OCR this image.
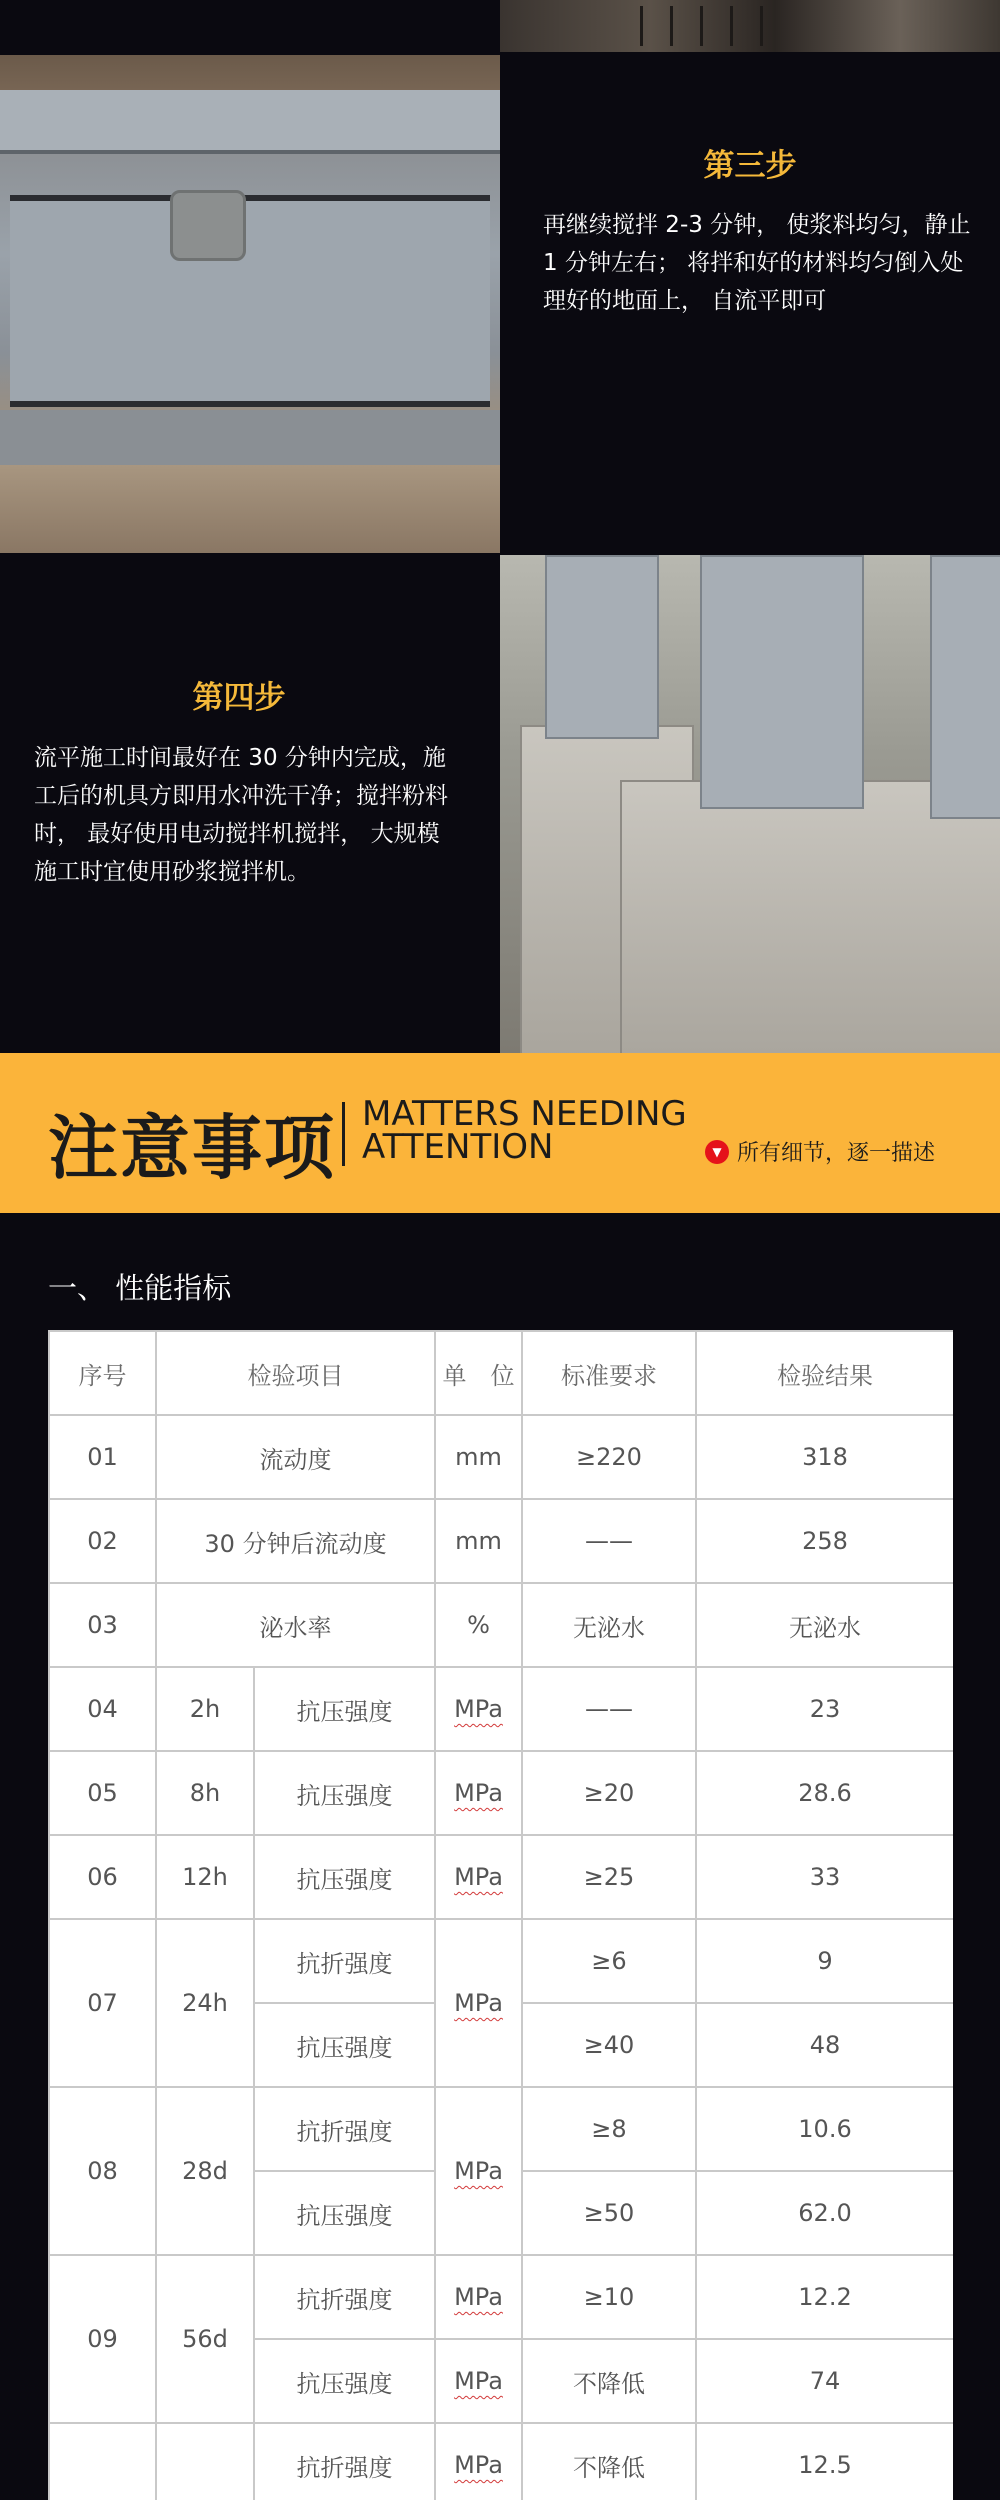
第三步
再继续搅拌 2-3 分钟， 使浆料均匀，静止 1 分钟左右； 将拌和好的材料均匀倒入处理好的地面上， 自流平即可
第四步
流平施工时间最好在 30 分钟内完成，施工后的机具方即用水冲洗干净；搅拌粉料时， 最好使用电动搅拌机搅拌， 大规模施工时宜使用砂浆搅拌机。
注意事项 MATTERS NEEDING
ATTENTION	▼ 所有细节，逐一描述
一、 性能指标
序号	检验项目		单　位	标准要求	检验结果
01	流动度		mm	≥220	318
02	30 分钟后流动度		mm	——	258
03	泌水率		%	无泌水	无泌水
04	2h	抗压强度	MPa	——	23
05	8h	抗压强度	MPa	≥20	28.6
06	12h	抗压强度	MPa	≥25	33
07	24h	抗折强度	MPa	≥6	9
		抗压强度		≥40	48
08	28d	抗折强度	MPa	≥8	10.6
		抗压强度		≥50	62.0
09	56d	抗折强度	MPa	≥10	12.2
		抗压强度	MPa	不降低	74
		抗折强度	MPa	不降低	12.5
